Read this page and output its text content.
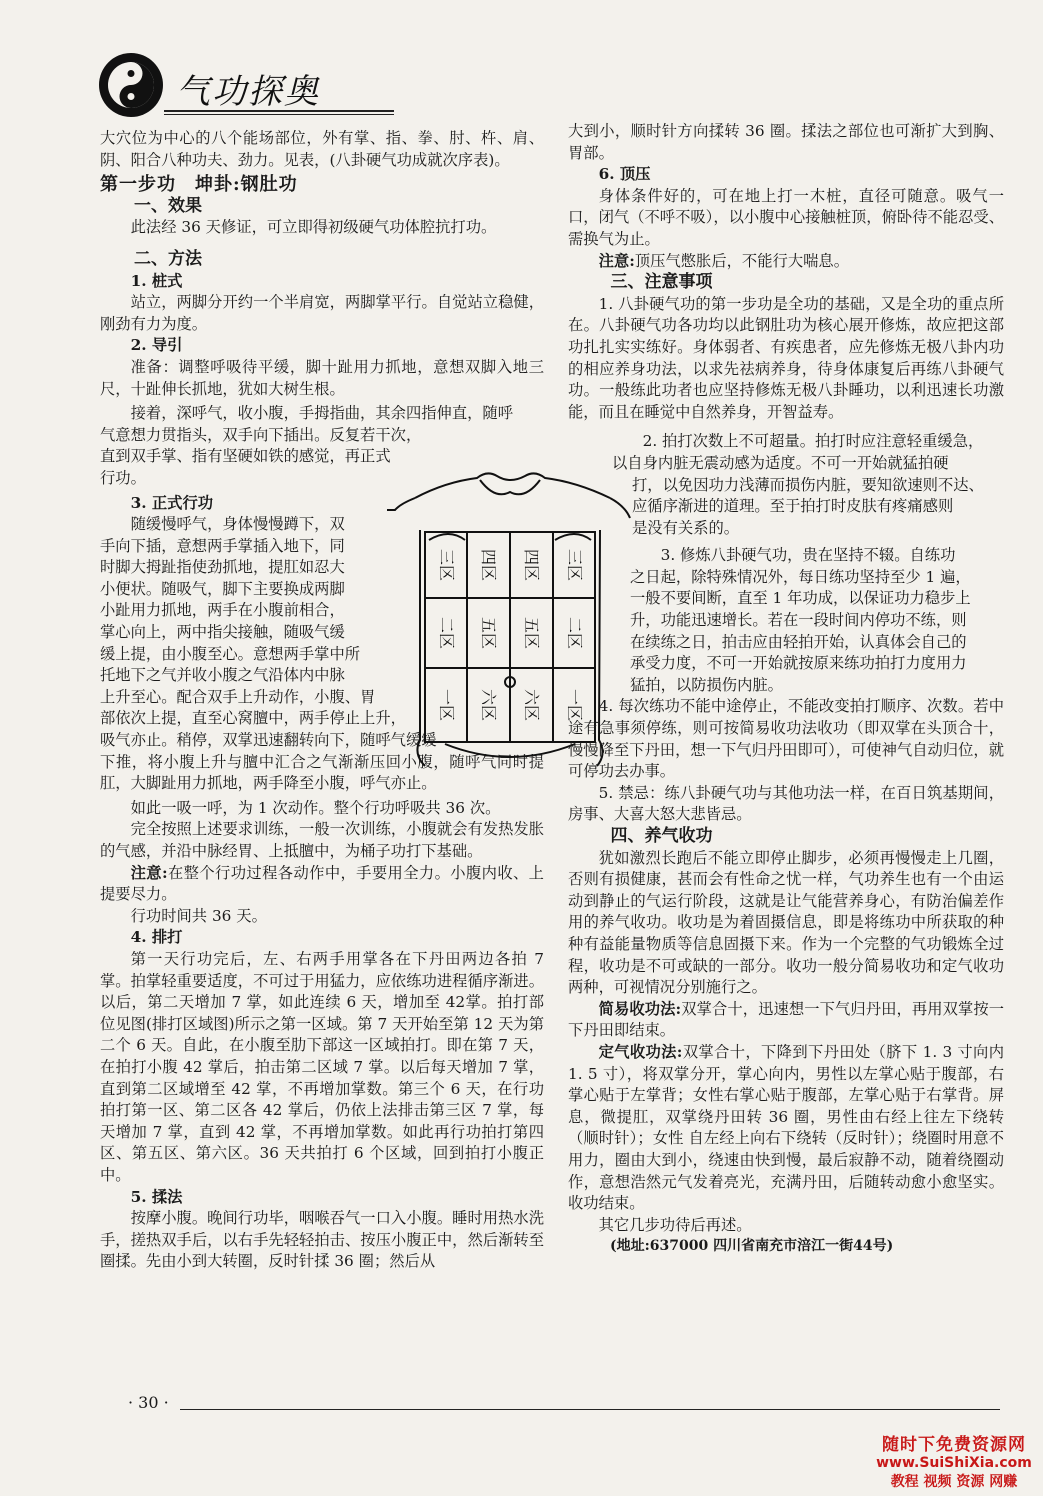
气功探奥

大穴位为中心的八个能场部位，外有掌、指、拳、肘、杵、肩、阴、阳合八种功夫、劲力。见表，(八卦硬气功成就次序表)。

第一步功　坤卦:钢肚功

一、效果

此法经 36 天修证，可立即得初级硬气功体腔抗打功。

二、方法

1. 桩式

站立，两脚分开约一个半肩宽，两脚掌平行。自觉站立稳健，刚劲有力为度。

2. 导引

准备：调整呼吸待平缓，脚十趾用力抓地，意想双脚入地三尺，十趾伸长抓地，犹如大树生根。

接着，深呼气，收小腹，手拇指曲，其余四指伸直，随呼

气意想力贯指头，双手向下插出。反复若干次，

直到双手掌、指有坚硬如铁的感觉，再正式

行功。

3. 正式行功

随缓慢呼气，身体慢慢蹲下，双

手向下插，意想两手掌插入地下，同

时脚大拇趾指使劲抓地，提肛如忍大

小便状。随吸气，脚下主要换成两脚

小趾用力抓地，两手在小腹前相合，

掌心向上，两中指尖接触，随吸气缓

缓上提，由小腹至心。意想两手掌中所

托地下之气并收小腹之气沿体内中脉

上升至心。配合双手上升动作，小腹、胃

部依次上提，直至心窝膻中，两手停止上升，

吸气亦止。稍停，双掌迅速翻转向下，随呼气缓缓

下推，将小腹上升与膻中汇合之气渐渐压回小腹，随呼气同时提肛，大脚趾用力抓地，两手降至小腹，呼气亦止。

如此一吸一呼，为 1 次动作。整个行功呼吸共 36 次。

完全按照上述要求训练，一般一次训练，小腹就会有发热发胀的气感，并沿中脉经胃、上抵膻中，为桶子功打下基础。

注意:在整个行功过程各动作中，手要用全力。小腹内收、上提要尽力。

行功时间共 36 天。

4. 排打

第一天行功完后，左、右两手用掌各在下丹田两边各拍 7 掌。拍掌轻重要适度，不可过于用猛力，应依练功进程循序渐进。以后，第二天增加 7 掌，如此连续 6 天，增加至 42掌。拍打部位见图(排打区域图)所示之第一区域。第 7 天开始至第 12 天为第二个 6 天。自此，在小腹至肋下部这一区域拍打。即在第 7 天，在拍打小腹 42 掌后，拍击第二区域 7 掌。以后每天增加 7 掌，直到第二区域增至 42 掌，不再增加掌数。第三个 6 天，在行功拍打第一区、第二区各 42 掌后，仍依上法排击第三区 7 掌，每天增加 7 掌，直到 42 掌，不再增加掌数。如此再行功拍打第四区、第五区、第六区。36 天共拍打 6 个区域，回到拍打小腹正中。

5. 揉法

按摩小腹。晚间行功毕，咽喉吞气一口入小腹。睡时用热水洗手，搓热双手后，以右手先轻轻拍击、按压小腹正中，然后渐转至圈揉。先由小到大转圈，反时针揉 36 圈；然后从

三区 四区 四区 三区
二区 五区 五区 二区
一区 六区 六区 一区

大到小，顺时针方向揉转 36 圈。揉法之部位也可渐扩大到胸、胃部。

6. 顶压

身体条件好的，可在地上打一木桩，直径可随意。吸气一口，闭气（不呼不吸），以小腹中心接触桩顶，俯卧待不能忍受、需换气为止。

注意:顶压气憋胀后，不能行大喘息。

三、注意事项

1. 八卦硬气功的第一步功是全功的基础，又是全功的重点所在。八卦硬气功各功均以此钢肚功为核心展开修炼，故应把这部功扎扎实实练好。身体弱者、有疾患者，应先修炼无极八卦内功的相应养身功法，以求先祛病养身，待身体康复后再练八卦硬气功。一般练此功者也应坚持修炼无极八卦睡功，以利迅速长功激能，而且在睡觉中自然养身，开智益寿。

2. 拍打次数上不可超量。拍打时应注意轻重缓急，

以自身内脏无震动感为适度。不可一开始就猛拍硬

打，以免因功力浅薄而损伤内脏，要知欲速则不达、

应循序渐进的道理。至于拍打时皮肤有疼痛感则

是没有关系的。

3. 修炼八卦硬气功，贵在坚持不辍。自练功

之日起，除特殊情况外，每日练功坚持至少 1 遍，

一般不要间断，直至 1 年功成，以保证功力稳步上

升，功能迅速增长。若在一段时间内停功不练，则

在续练之日，拍击应由轻拍开始，认真体会自己的

承受力度，不可一开始就按原来练功拍打力度用力

猛拍，以防损伤内脏。

4. 每次练功不能中途停止，不能改变拍打顺序、次数。若中途有急事须停练，则可按简易收功法收功（即双掌在头顶合十，慢慢降至下丹田，想一下气归丹田即可），可使神气自动归位，就可停功去办事。

5. 禁忌：练八卦硬气功与其他功法一样，在百日筑基期间，房事、大喜大怒大悲皆忌。

四、养气收功

犹如激烈长跑后不能立即停止脚步，必须再慢慢走上几圈，否则有损健康，甚而会有性命之忧一样，气功养生也有一个由运动到静止的气运行阶段，这就是让气能营养身心，有防治偏差作用的养气收功。收功是为着固摄信息，即是将练功中所获取的种种有益能量物质等信息固摄下来。作为一个完整的气功锻炼全过程，收功是不可或缺的一部分。收功一般分简易收功和定气收功两种，可视情况分别施行之。

简易收功法:双掌合十，迅速想一下气归丹田，再用双掌按一下丹田即结束。

定气收功法:双掌合十，下降到下丹田处（脐下 1. 3 寸向内 1. 5 寸），将双掌分开，掌心向内，男性以左掌心贴于腹部，右掌心贴于左掌背；女性右掌心贴于腹部，左掌心贴于右掌背。屏息，微提肛，双掌绕丹田转 36 圈，男性由右经上往左下绕转（顺时针）；女性 自左经上向右下绕转（反时针）；绕圈时用意不用力，圈由大到小，绕速由快到慢，最后寂静不动，随着绕圈动作，意想浩然元气发着亮光，充满丹田，后随转动愈小愈坚实。收功结束。

其它几步功待后再述。

(地址:637000 四川省南充市涪江一街44号)

· 30 ·
随时下免费资源网
www.SuiShiXia.com
教程 视频 资源 网赚
